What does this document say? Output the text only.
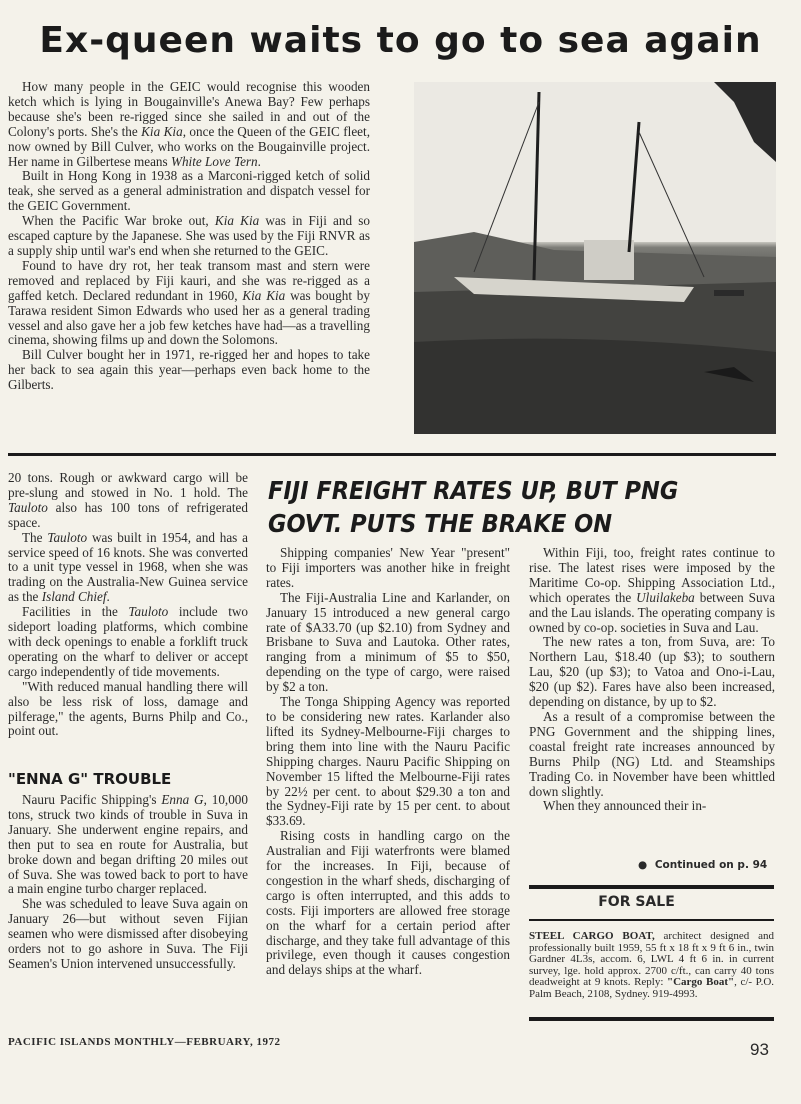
Ex-queen waits to go to sea again

How many people in the GEIC would recognise this wooden ketch which is lying in Bougainville's Anewa Bay? Few perhaps because she's been re-rigged since she sailed in and out of the Colony's ports. She's the Kia Kia, once the Queen of the GEIC fleet, now owned by Bill Culver, who works on the Bougainville project. Her name in Gilbertese means White Love Tern.

Built in Hong Kong in 1938 as a Marconi-rigged ketch of solid teak, she served as a general administration and dispatch vessel for the GEIC Government.

When the Pacific War broke out, Kia Kia was in Fiji and so escaped capture by the Japanese. She was used by the Fiji RNVR as a supply ship until war's end when she returned to the GEIC.

Found to have dry rot, her teak transom mast and stern were removed and replaced by Fiji kauri, and she was re-rigged as a gaffed ketch. Declared redundant in 1960, Kia Kia was bought by Tarawa resident Simon Edwards who used her as a general trading vessel and also gave her a job few ketches have had—as a travelling cinema, showing films up and down the Solomons.

Bill Culver bought her in 1971, re-rigged her and hopes to take her back to sea again this year—perhaps even back home to the Gilberts.

20 tons. Rough or awkward cargo will be pre-slung and stowed in No. 1 hold. The Tauloto also has 100 tons of refrigerated space.

The Tauloto was built in 1954, and has a service speed of 16 knots. She was converted to a unit type vessel in 1968, when she was trading on the Australia-New Guinea service as the Island Chief.

Facilities in the Tauloto include two sideport loading platforms, which combine with deck openings to enable a forklift truck operating on the wharf to deliver or accept cargo independently of tide movements.

"With reduced manual handling there will also be less risk of loss, damage and pilferage," the agents, Burns Philp and Co., point out.

"ENNA G" TROUBLE

Nauru Pacific Shipping's Enna G, 10,000 tons, struck two kinds of trouble in Suva in January. She underwent engine repairs, and then put to sea en route for Australia, but broke down and began drifting 20 miles out of Suva. She was towed back to port to have a main engine turbo charger replaced.

She was scheduled to leave Suva again on January 26—but without seven Fijian seamen who were dismissed after disobeying orders not to go ashore in Suva. The Fiji Seamen's Union intervened unsuccessfully.

FIJI FREIGHT RATES UP, BUT PNG
GOVT. PUTS THE BRAKE ON

Shipping companies' New Year "present" to Fiji importers was another hike in freight rates.

The Fiji-Australia Line and Karlander, on January 15 introduced a new general cargo rate of $A33.70 (up $2.10) from Sydney and Brisbane to Suva and Lautoka. Other rates, ranging from a minimum of $5 to $50, depending on the type of cargo, were raised by $2 a ton.

The Tonga Shipping Agency was reported to be considering new rates. Karlander also lifted its Sydney-Melbourne-Fiji charges to bring them into line with the Nauru Pacific Shipping charges. Nauru Pacific Shipping on November 15 lifted the Melbourne-Fiji rates by 22½ per cent. to about $29.30 a ton and the Sydney-Fiji rate by 15 per cent. to about $33.69.

Rising costs in handling cargo on the Australian and Fiji waterfronts were blamed for the increases. In Fiji, because of congestion in the wharf sheds, discharging of cargo is often interrupted, and this adds to costs. Fiji importers are allowed free storage on the wharf for a certain period after discharge, and they take full advantage of this privilege, even though it causes congestion and delays ships at the wharf.

Within Fiji, too, freight rates continue to rise. The latest rises were imposed by the Maritime Co-op. Shipping Association Ltd., which operates the Uluilakeba between Suva and the Lau islands. The operating company is owned by co-op. societies in Suva and Lau.

The new rates a ton, from Suva, are: To Northern Lau, $18.40 (up $3); to southern Lau, $20 (up $3); to Vatoa and Ono-i-Lau, $20 (up $2). Fares have also been increased, depending on distance, by up to $2.

As a result of a compromise between the PNG Government and the shipping lines, coastal freight rate increases announced by Burns Philp (NG) Ltd. and Steamships Trading Co. in November have been whittled down slightly.

When they announced their in-

● Continued on p. 94
FOR SALE
STEEL CARGO BOAT, architect designed and professionally built 1959, 55 ft x 18 ft x 9 ft 6 in., twin Gardner 4L3s, accom. 6, LWL 4 ft 6 in. in current survey, lge. hold approx. 2700 c/ft., can carry 40 tons deadweight at 9 knots. Reply: "Cargo Boat", c/- P.O. Palm Beach, 2108, Sydney. 919-4993.
PACIFIC ISLANDS MONTHLY—FEBRUARY, 1972	93
